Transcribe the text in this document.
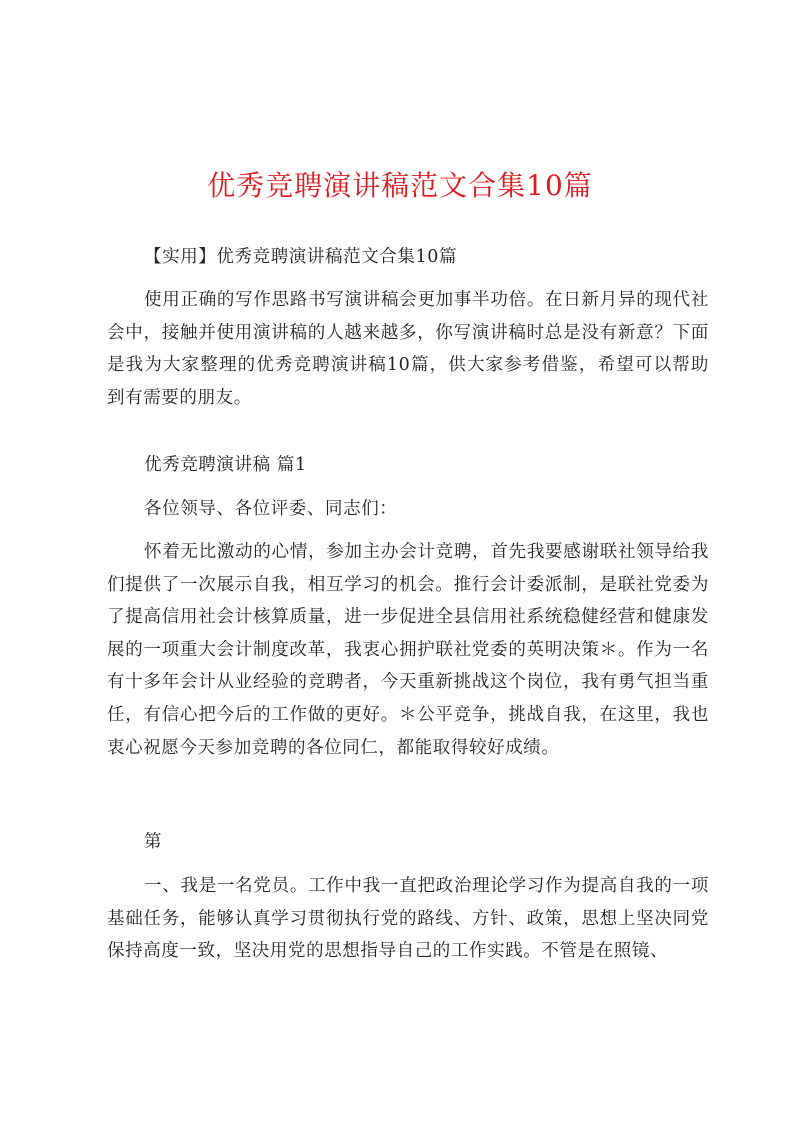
优秀竞聘演讲稿范文合集10篇

【实用】优秀竞聘演讲稿范文合集10篇

使用正确的写作思路书写演讲稿会更加事半功倍。在日新月异的现代社会中，接触并使用演讲稿的人越来越多，你写演讲稿时总是没有新意？下面是我为大家整理的优秀竞聘演讲稿10篇，供大家参考借鉴，希望可以帮助到有需要的朋友。

优秀竞聘演讲稿 篇1

各位领导、各位评委、同志们：

怀着无比激动的心情，参加主办会计竞聘，首先我要感谢联社领导给我们提供了一次展示自我，相互学习的机会。推行会计委派制，是联社党委为了提高信用社会计核算质量，进一步促进全县信用社系统稳健经营和健康发展的一项重大会计制度改革，我衷心拥护联社党委的英明决策＊。作为一名有十多年会计从业经验的竞聘者，今天重新挑战这个岗位，我有勇气担当重任，有信心把今后的工作做的更好。＊公平竞争，挑战自我，在这里，我也衷心祝愿今天参加竞聘的各位同仁，都能取得较好成绩。

第

一、我是一名党员。工作中我一直把政治理论学习作为提高自我的一项基础任务，能够认真学习贯彻执行党的路线、方针、政策，思想上坚决同党保持高度一致，坚决用党的思想指导自己的工作实践。不管是在照镜、
